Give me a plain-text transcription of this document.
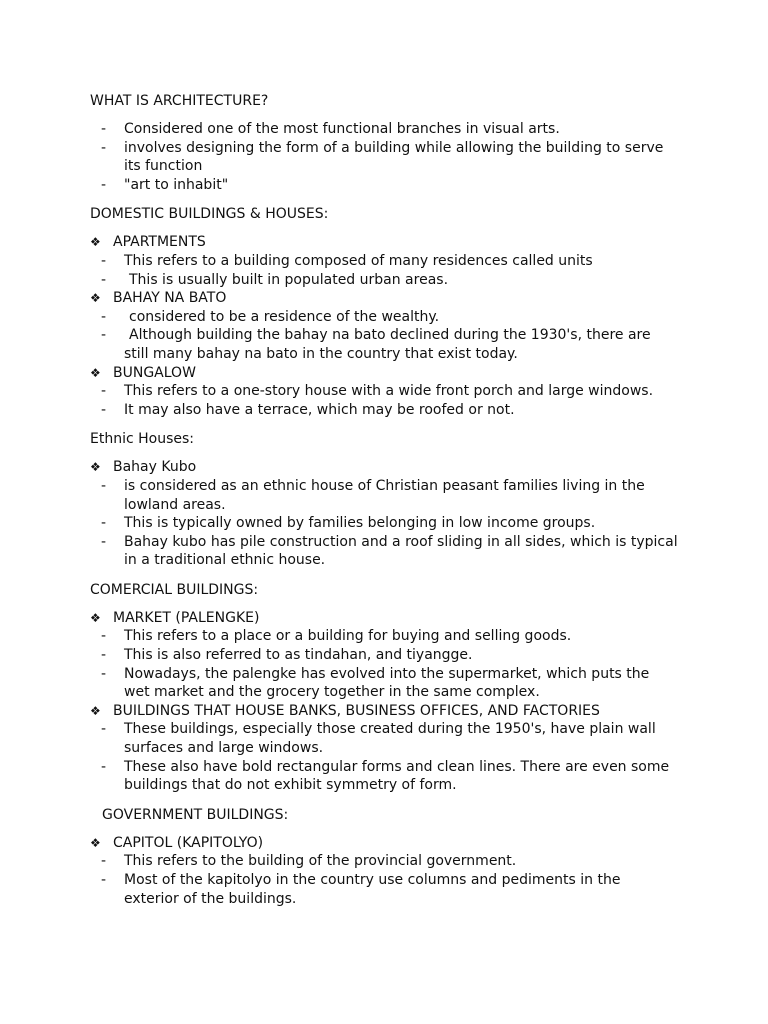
WHAT IS ARCHITECTURE?
- Considered one of the most functional branches in visual arts.
- involves designing the form of a building while allowing the building to serve its function
- "art to inhabit"
DOMESTIC BUILDINGS & HOUSES:
❖ APARTMENTS
- This refers to a building composed of many residences called units
- This is usually built in populated urban areas.
❖ BAHAY NA BATO
- considered to be a residence of the wealthy.
- Although building the bahay na bato declined during the 1930's, there are still many bahay na bato in the country that exist today.
❖ BUNGALOW
- This refers to a one-story house with a wide front porch and large windows.
- It may also have a terrace, which may be roofed or not.
Ethnic Houses:
❖ Bahay Kubo
- is considered as an ethnic house of Christian peasant families living in the lowland areas.
- This is typically owned by families belonging in low income groups.
- Bahay kubo has pile construction and a roof sliding in all sides, which is typical in a traditional ethnic house.
COMERCIAL BUILDINGS:
❖ MARKET (PALENGKE)
- This refers to a place or a building for buying and selling goods.
- This is also referred to as tindahan, and tiyangge.
- Nowadays, the palengke has evolved into the supermarket, which puts the wet market and the grocery together in the same complex.
❖ BUILDINGS THAT HOUSE BANKS, BUSINESS OFFICES, AND FACTORIES
- These buildings, especially those created during the 1950's, have plain wall surfaces and large windows.
- These also have bold rectangular forms and clean lines. There are even some buildings that do not exhibit symmetry of form.
GOVERNMENT BUILDINGS:
❖ CAPITOL (KAPITOLYO)
- This refers to the building of the provincial government.
- Most of the kapitolyo in the country use columns and pediments in the exterior of the buildings.
